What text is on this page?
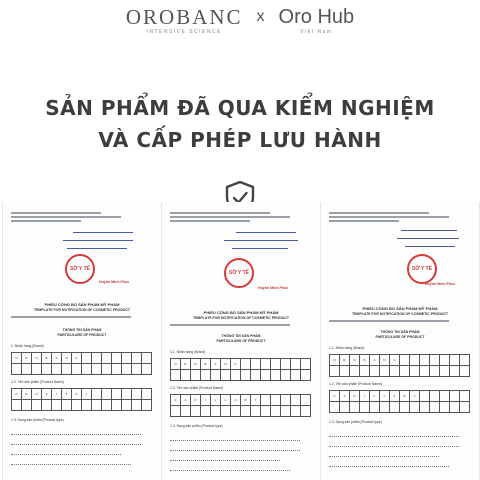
OROBANC
INTENSIVE SCIENCE
x Oro Hub
Việt Nam
SẢN PHẨM ĐÃ QUA KIỂM NGHIỆM
VÀ CẤP PHÉP LƯU HÀNH
SỞ Y TẾ
Huỳnh Minh Phúc
PHIẾU CÔNG BỐ SẢN PHẨM MỸ PHẨM
TEMPLATE FOR NOTIFICATION OF COSMETIC PRODUCT
THÔNG TIN SẢN PHẨM
PARTICULARS OF PRODUCT
1. Nhãn hàng (Brand)
O	R	O	B	A	N	C
1.2. Tên sản phẩm (Product Name)
P	R	O	V	I	T	A	L
1.3. Dạng sản phẩm (Product type)
SỞ Y TẾ
Huỳnh Minh Phúc
PHIẾU CÔNG BỐ SẢN PHẨM MỸ PHẨM
TEMPLATE FOR NOTIFICATION OF COSMETIC PRODUCT
THÔNG TIN SẢN PHẨM
PARTICULARS OF PRODUCT
1.1. Nhãn hàng (Brand)
O	R	O	B	A	N	C
1.2. Tên sản phẩm (Product Name)
C	A	P	I	L	L	A	R	Y
1.3. Dạng sản phẩm (Product type)
SỞ Y TẾ
Huỳnh Minh Phúc
PHIẾU CÔNG BỐ SẢN PHẨM MỸ PHẨM
TEMPLATE FOR NOTIFICATION OF COSMETIC PRODUCT
THÔNG TIN SẢN PHẨM
PARTICULARS OF PRODUCT
1.1. Nhãn hàng (Brand)
O	R	O	B	A	N	C
1.2. Tên sản phẩm (Product Name)
C	A	P	I	L	L	A	R	Y
1.3. Dạng sản phẩm (Product type)
